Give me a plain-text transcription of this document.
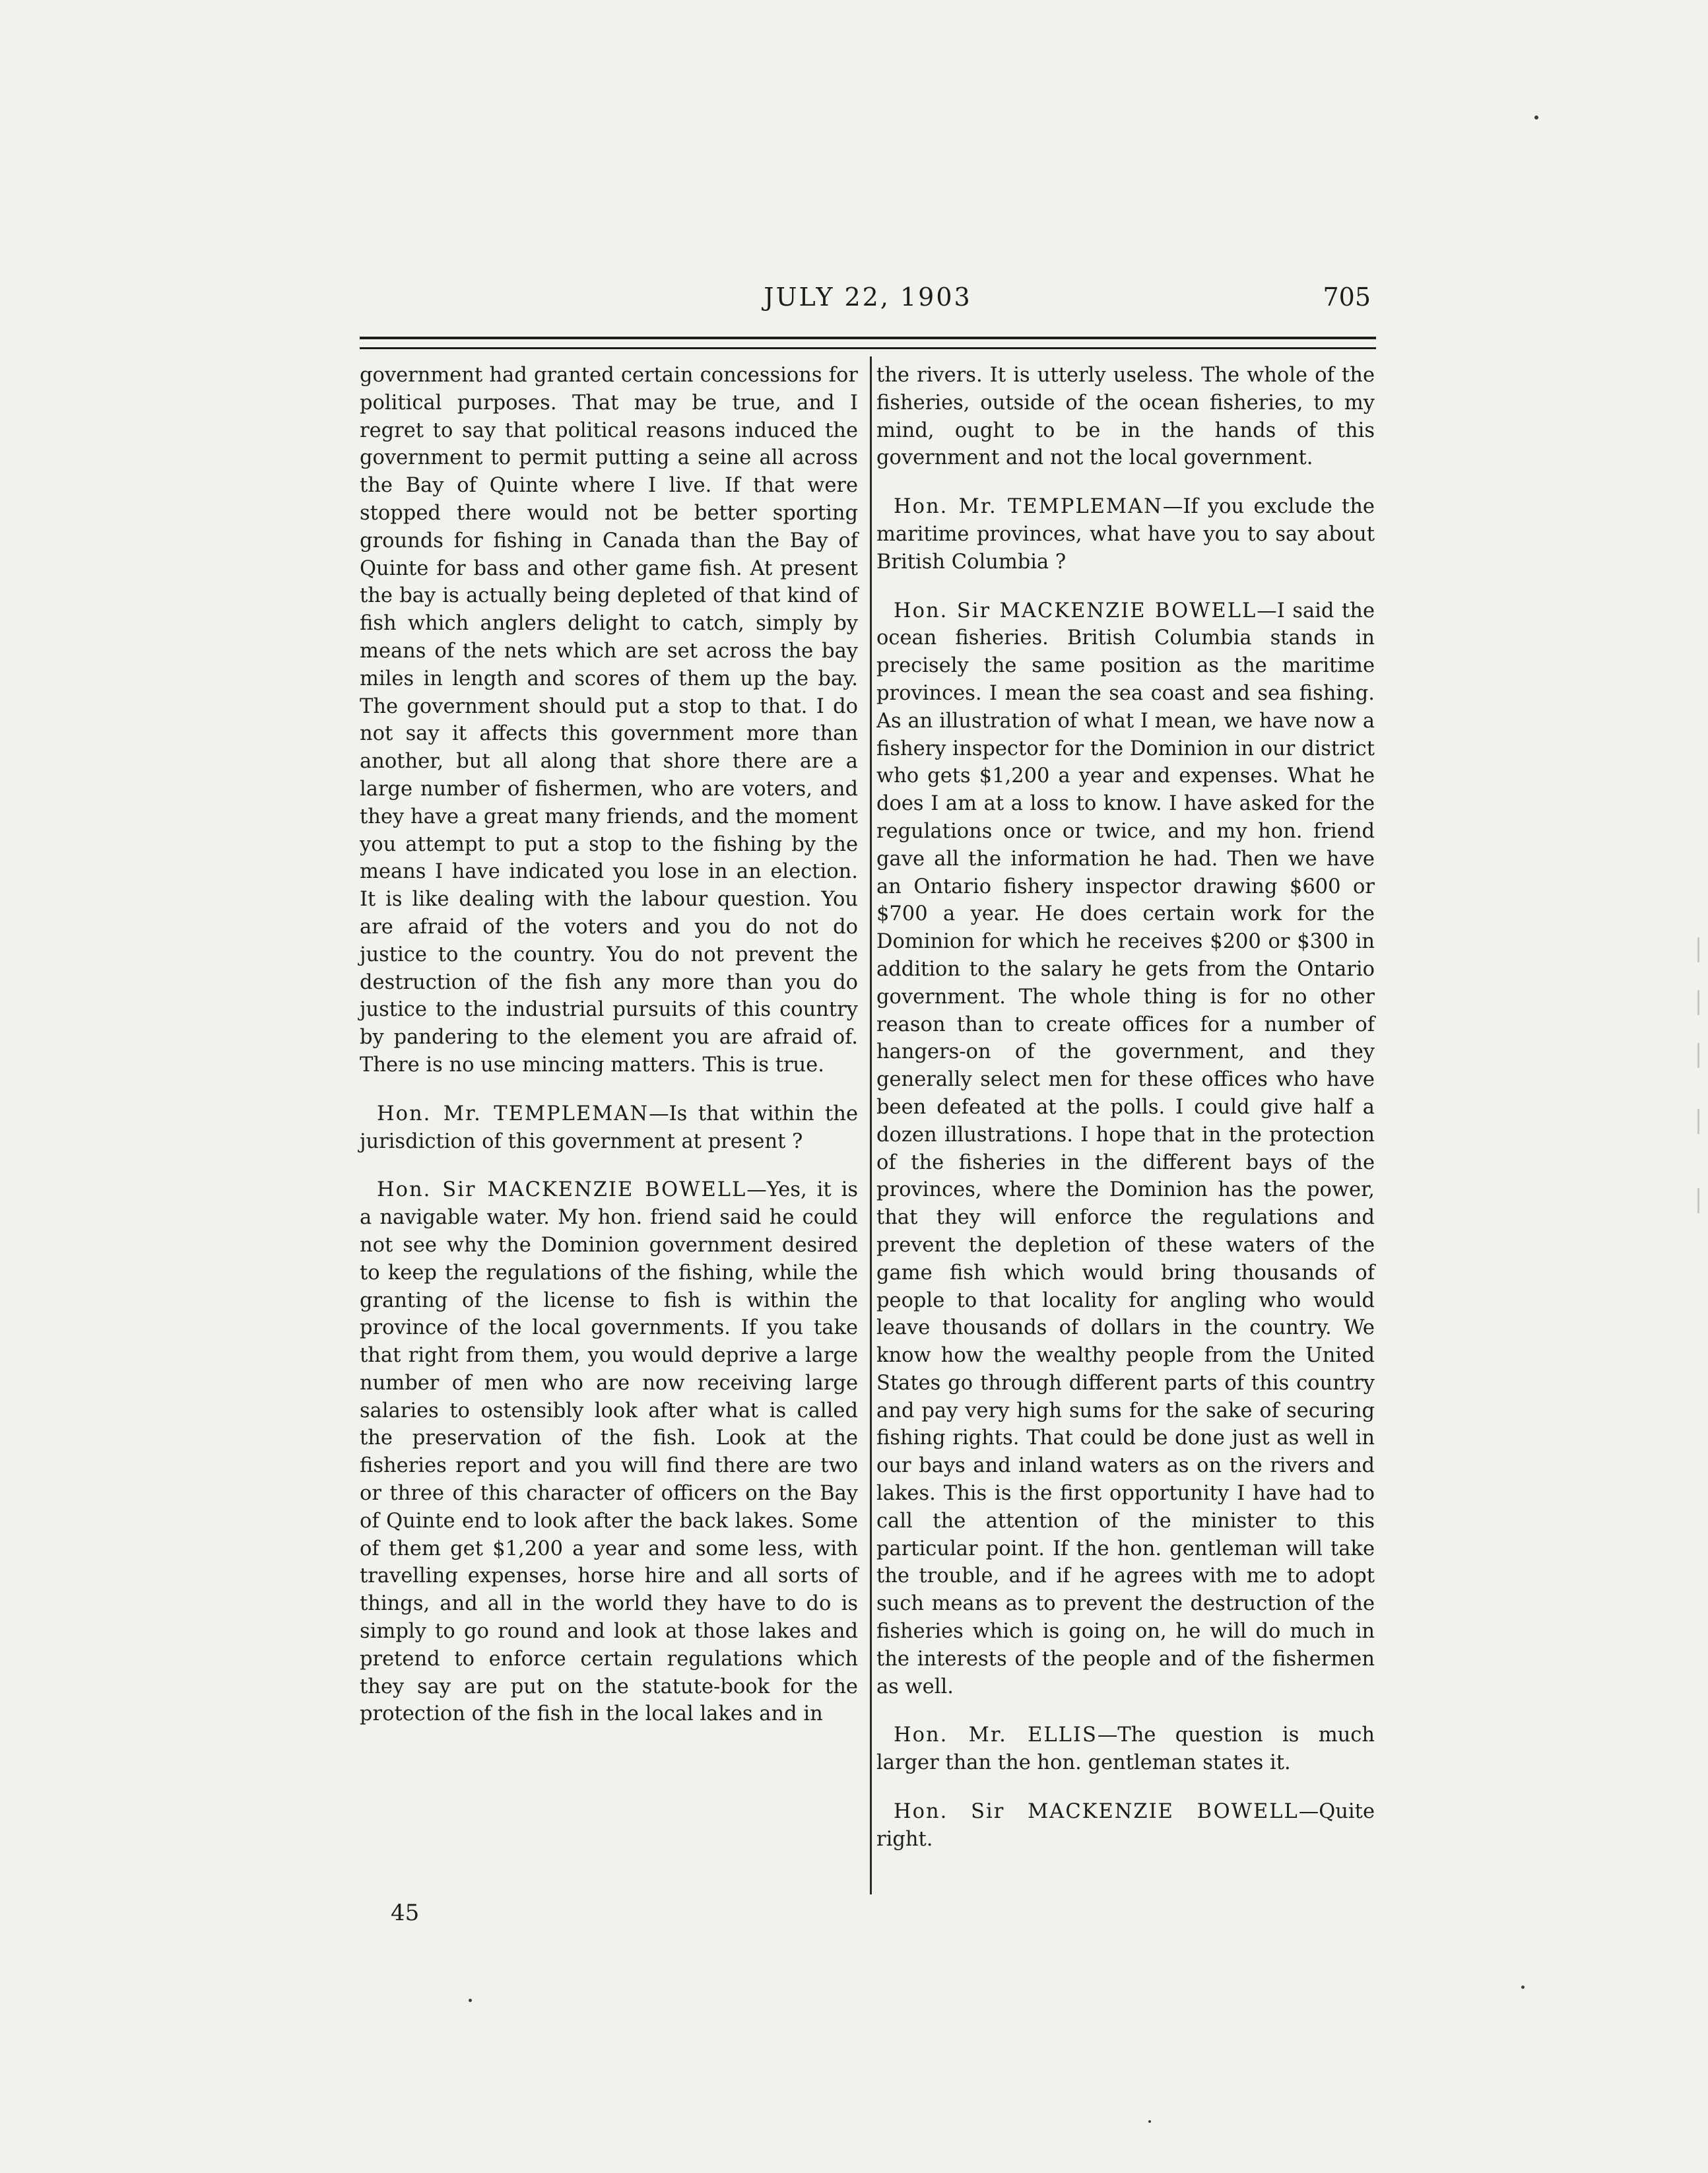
JULY 22, 1903	705

government had granted certain concessions for political purposes. That may be true, and I regret to say that political reasons induced the government to permit putting a seine all across the Bay of Quinte where I live. If that were stopped there would not be better sporting grounds for fishing in Canada than the Bay of Quinte for bass and other game fish. At present the bay is actually being depleted of that kind of fish which anglers delight to catch, simply by means of the nets which are set across the bay miles in length and scores of them up the bay. The government should put a stop to that. I do not say it affects this government more than another, but all along that shore there are a large number of fishermen, who are voters, and they have a great many friends, and the moment you attempt to put a stop to the fishing by the means I have indicated you lose in an election. It is like dealing with the labour question. You are afraid of the voters and you do not do justice to the country. You do not prevent the destruction of the fish any more than you do justice to the industrial pursuits of this country by pandering to the element you are afraid of. There is no use mincing matters. This is true.

Hon. Mr. TEMPLEMAN—Is that within the jurisdiction of this government at present ?

Hon. Sir MACKENZIE BOWELL—Yes, it is a navigable water. My hon. friend said he could not see why the Dominion government desired to keep the regulations of the fishing, while the granting of the license to fish is within the province of the local governments. If you take that right from them, you would deprive a large number of men who are now receiving large salaries to ostensibly look after what is called the preservation of the fish. Look at the fisheries report and you will find there are two or three of this character of officers on the Bay of Quinte end to look after the back lakes. Some of them get $1,200 a year and some less, with travelling expenses, horse hire and all sorts of things, and all in the world they have to do is simply to go round and look at those lakes and pretend to enforce certain regulations which they say are put on the statute-book for the protection of the fish in the local lakes and in

the rivers. It is utterly useless. The whole of the fisheries, outside of the ocean fisheries, to my mind, ought to be in the hands of this government and not the local government.

Hon. Mr. TEMPLEMAN—If you exclude the maritime provinces, what have you to say about British Columbia ?

Hon. Sir MACKENZIE BOWELL—I said the ocean fisheries. British Columbia stands in precisely the same position as the maritime provinces. I mean the sea coast and sea fishing. As an illustration of what I mean, we have now a fishery inspector for the Dominion in our district who gets $1,200 a year and expenses. What he does I am at a loss to know. I have asked for the regulations once or twice, and my hon. friend gave all the information he had. Then we have an Ontario fishery inspector drawing $600 or $700 a year. He does certain work for the Dominion for which he receives $200 or $300 in addition to the salary he gets from the Ontario government. The whole thing is for no other reason than to create offices for a number of hangers-on of the government, and they generally select men for these offices who have been defeated at the polls. I could give half a dozen illustrations. I hope that in the protection of the fisheries in the different bays of the provinces, where the Dominion has the power, that they will enforce the regulations and prevent the depletion of these waters of the game fish which would bring thousands of people to that locality for angling who would leave thousands of dollars in the country. We know how the wealthy people from the United States go through different parts of this country and pay very high sums for the sake of securing fishing rights. That could be done just as well in our bays and inland waters as on the rivers and lakes. This is the first opportunity I have had to call the attention of the minister to this particular point. If the hon. gentleman will take the trouble, and if he agrees with me to adopt such means as to prevent the destruction of the fisheries which is going on, he will do much in the interests of the people and of the fishermen as well.

Hon. Mr. ELLIS—The question is much larger than the hon. gentleman states it.

Hon. Sir MACKENZIE BOWELL—Quite right.

45
